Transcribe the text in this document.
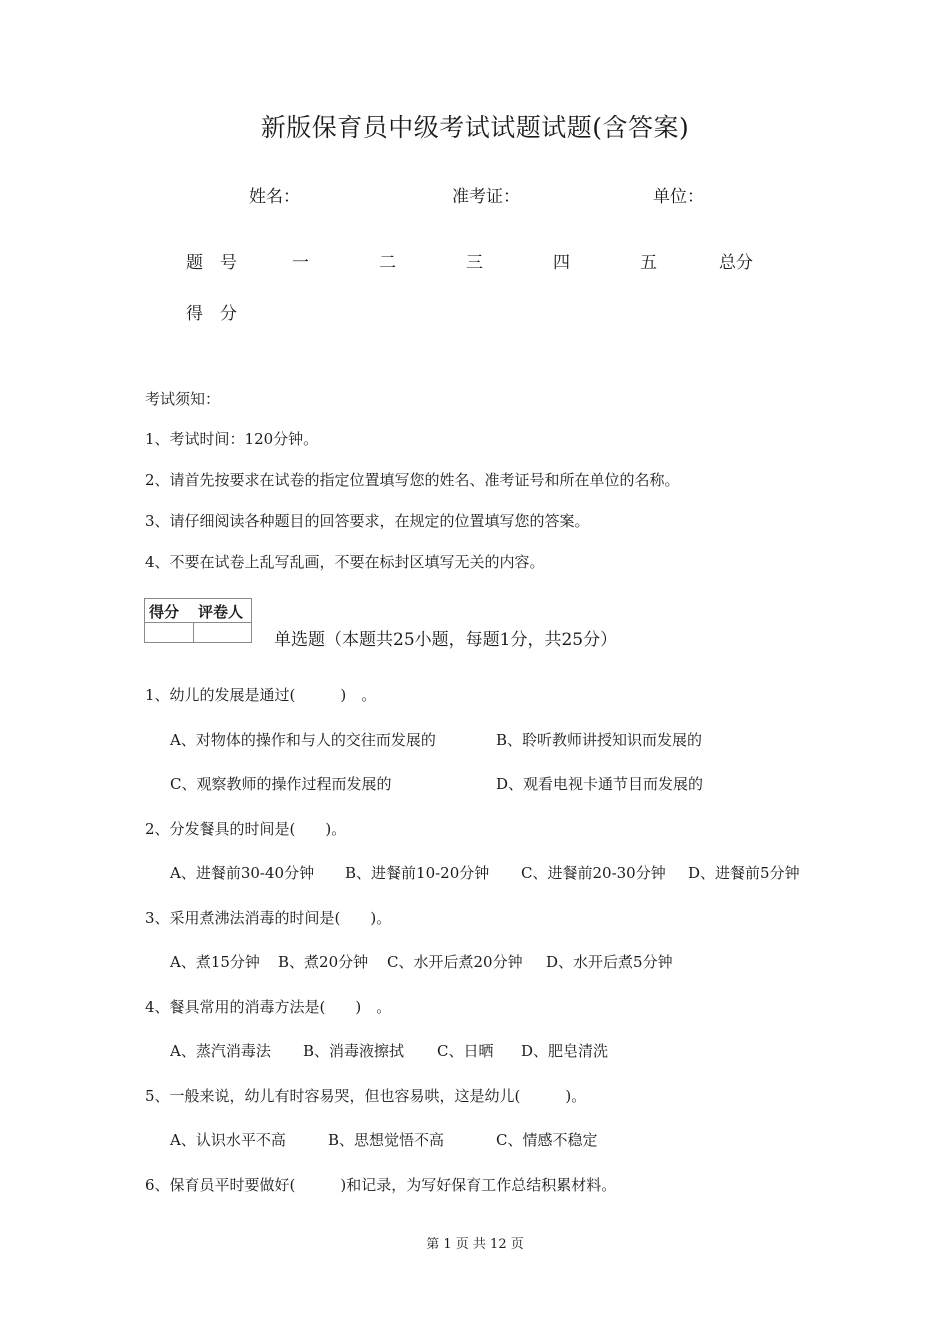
新版保育员中级考试试题试题(含答案)
姓名：	准考证：	单位：
题　号	一	二	三	四	五	总分
得　分
考试须知：
1、考试时间：120分钟。
2、请首先按要求在试卷的指定位置填写您的姓名、准考证号和所在单位的名称。
3、请仔细阅读各种题目的回答要求，在规定的位置填写您的答案。
4、不要在试卷上乱写乱画，不要在标封区填写无关的内容。
得分 评卷人
单选题（本题共25小题，每题1分，共25分）
1、幼儿的发展是通过(　　　)　。
A、对物体的操作和与人的交往而发展的	B、聆听教师讲授知识而发展的
C、观察教师的操作过程而发展的	D、观看电视卡通节目而发展的
2、分发餐具的时间是(　　)。
A、进餐前30-40分钟 B、进餐前10-20分钟 C、进餐前20-30分钟 D、进餐前5分钟
3、采用煮沸法消毒的时间是(　　)。
A、煮15分钟 B、煮20分钟 C、水开后煮20分钟 D、水开后煮5分钟
4、餐具常用的消毒方法是(　　)　。
A、蒸汽消毒法 B、消毒液擦拭 C、日晒 D、肥皂清洗
5、一般来说，幼儿有时容易哭，但也容易哄，这是幼儿(　　　)。
A、认识水平不高	B、思想觉悟不高	C、情感不稳定
6、保育员平时要做好(　　　)和记录，为写好保育工作总结积累材料。
第 1 页 共 12 页
